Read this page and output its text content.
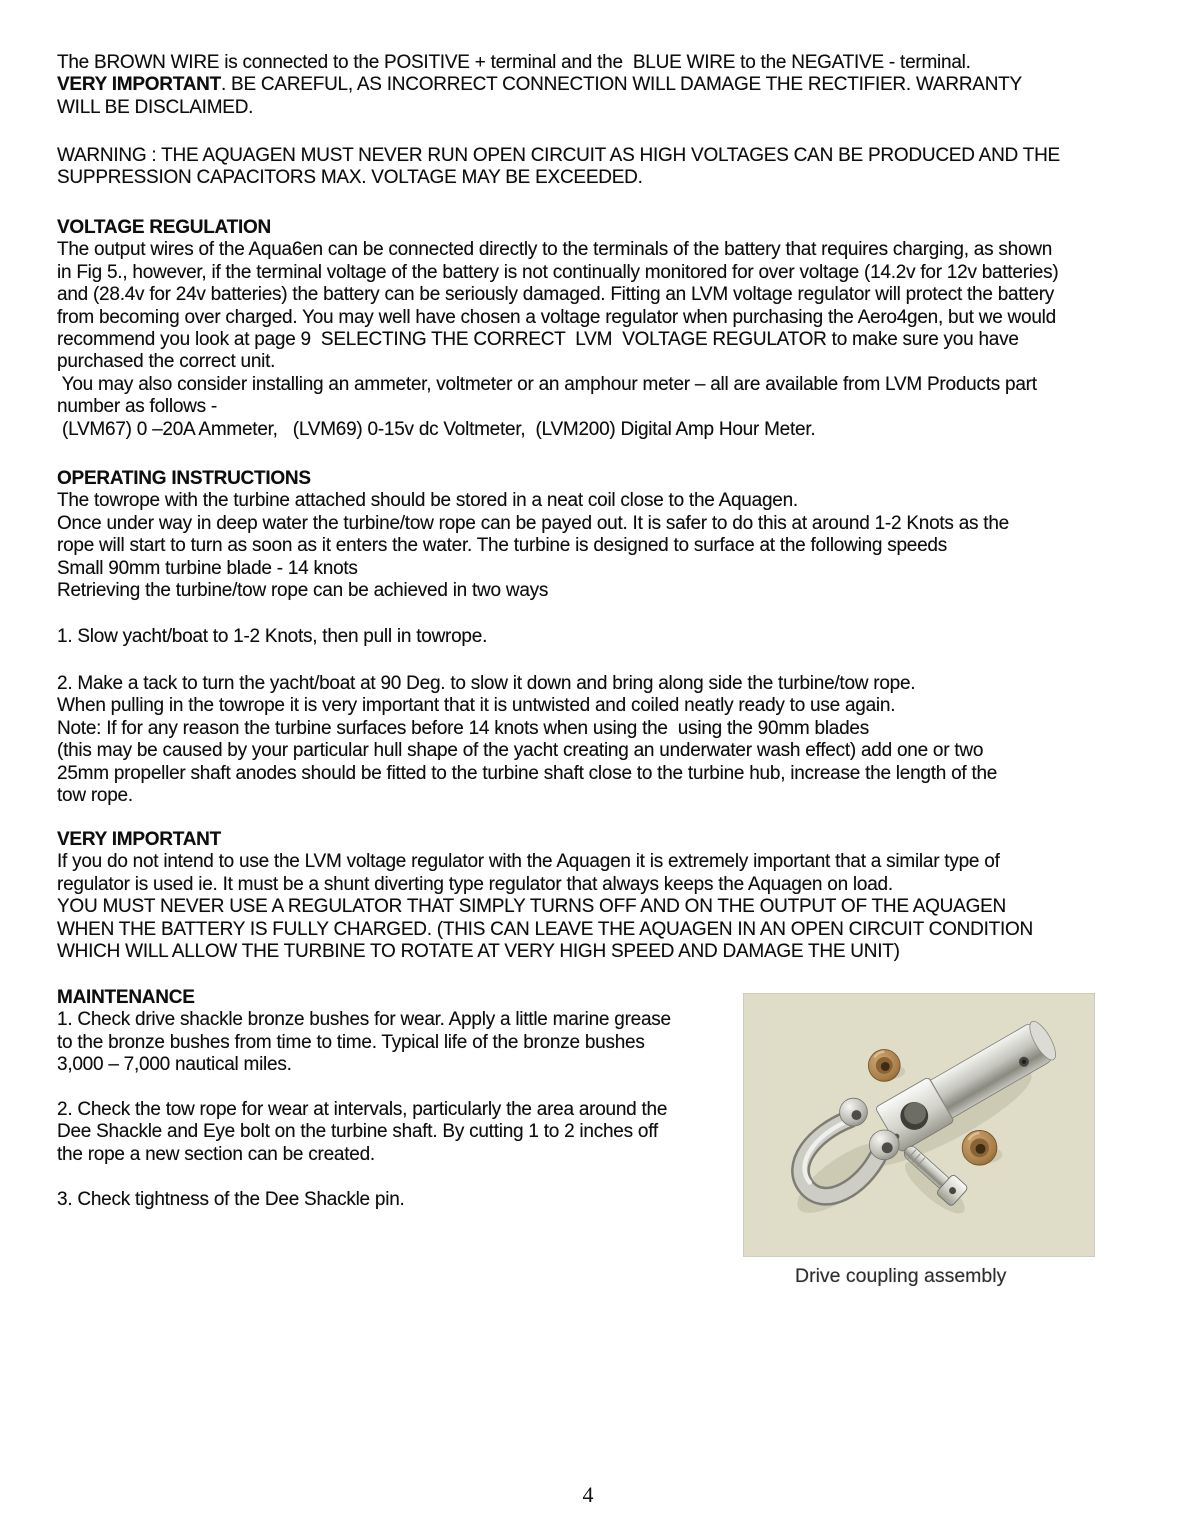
The BROWN WIRE is connected to the POSITIVE + terminal and the  BLUE WIRE to the NEGATIVE - terminal.
VERY IMPORTANT. BE CAREFUL, AS INCORRECT CONNECTION WILL DAMAGE THE RECTIFIER. WARRANTY
WILL BE DISCLAIMED.
WARNING : THE AQUAGEN MUST NEVER RUN OPEN CIRCUIT AS HIGH VOLTAGES CAN BE PRODUCED AND THE
SUPPRESSION CAPACITORS MAX. VOLTAGE MAY BE EXCEEDED.
VOLTAGE REGULATION
The output wires of the Aqua6en can be connected directly to the terminals of the battery that requires charging, as shown
in Fig 5., however, if the terminal voltage of the battery is not continually monitored for over voltage (14.2v for 12v batteries)
and (28.4v for 24v batteries) the battery can be seriously damaged. Fitting an LVM voltage regulator will protect the battery
from becoming over charged. You may well have chosen a voltage regulator when purchasing the Aero4gen, but we would
recommend you look at page 9  SELECTING THE CORRECT  LVM  VOLTAGE REGULATOR to make sure you have
purchased the correct unit.
You may also consider installing an ammeter, voltmeter or an amphour meter – all are available from LVM Products part
number as follows -
(LVM67) 0 –20A Ammeter,   (LVM69) 0-15v dc Voltmeter,  (LVM200) Digital Amp Hour Meter.
OPERATING INSTRUCTIONS
The towrope with the turbine attached should be stored in a neat coil close to the Aquagen.
Once under way in deep water the turbine/tow rope can be payed out. It is safer to do this at around 1-2 Knots as the
rope will start to turn as soon as it enters the water. The turbine is designed to surface at the following speeds
Small 90mm turbine blade - 14 knots
Retrieving the turbine/tow rope can be achieved in two ways
1. Slow yacht/boat to 1-2 Knots, then pull in towrope.
2. Make a tack to turn the yacht/boat at 90 Deg. to slow it down and bring along side the turbine/tow rope.
When pulling in the towrope it is very important that it is untwisted and coiled neatly ready to use again.
Note: If for any reason the turbine surfaces before 14 knots when using the  using the 90mm blades
(this may be caused by your particular hull shape of the yacht creating an underwater wash effect) add one or two
25mm propeller shaft anodes should be fitted to the turbine shaft close to the turbine hub, increase the length of the
tow rope.
VERY IMPORTANT
If you do not intend to use the LVM voltage regulator with the Aquagen it is extremely important that a similar type of
regulator is used ie. It must be a shunt diverting type regulator that always keeps the Aquagen on load.
YOU MUST NEVER USE A REGULATOR THAT SIMPLY TURNS OFF AND ON THE OUTPUT OF THE AQUAGEN
WHEN THE BATTERY IS FULLY CHARGED. (THIS CAN LEAVE THE AQUAGEN IN AN OPEN CIRCUIT CONDITION
WHICH WILL ALLOW THE TURBINE TO ROTATE AT VERY HIGH SPEED AND DAMAGE THE UNIT)
MAINTENANCE
1. Check drive shackle bronze bushes for wear. Apply a little marine grease
to the bronze bushes from time to time. Typical life of the bronze bushes
3,000 – 7,000 nautical miles.
2. Check the tow rope for wear at intervals, particularly the area around the
Dee Shackle and Eye bolt on the turbine shaft. By cutting 1 to 2 inches off
the rope a new section can be created.
3. Check tightness of the Dee Shackle pin.
Drive coupling assembly
4
